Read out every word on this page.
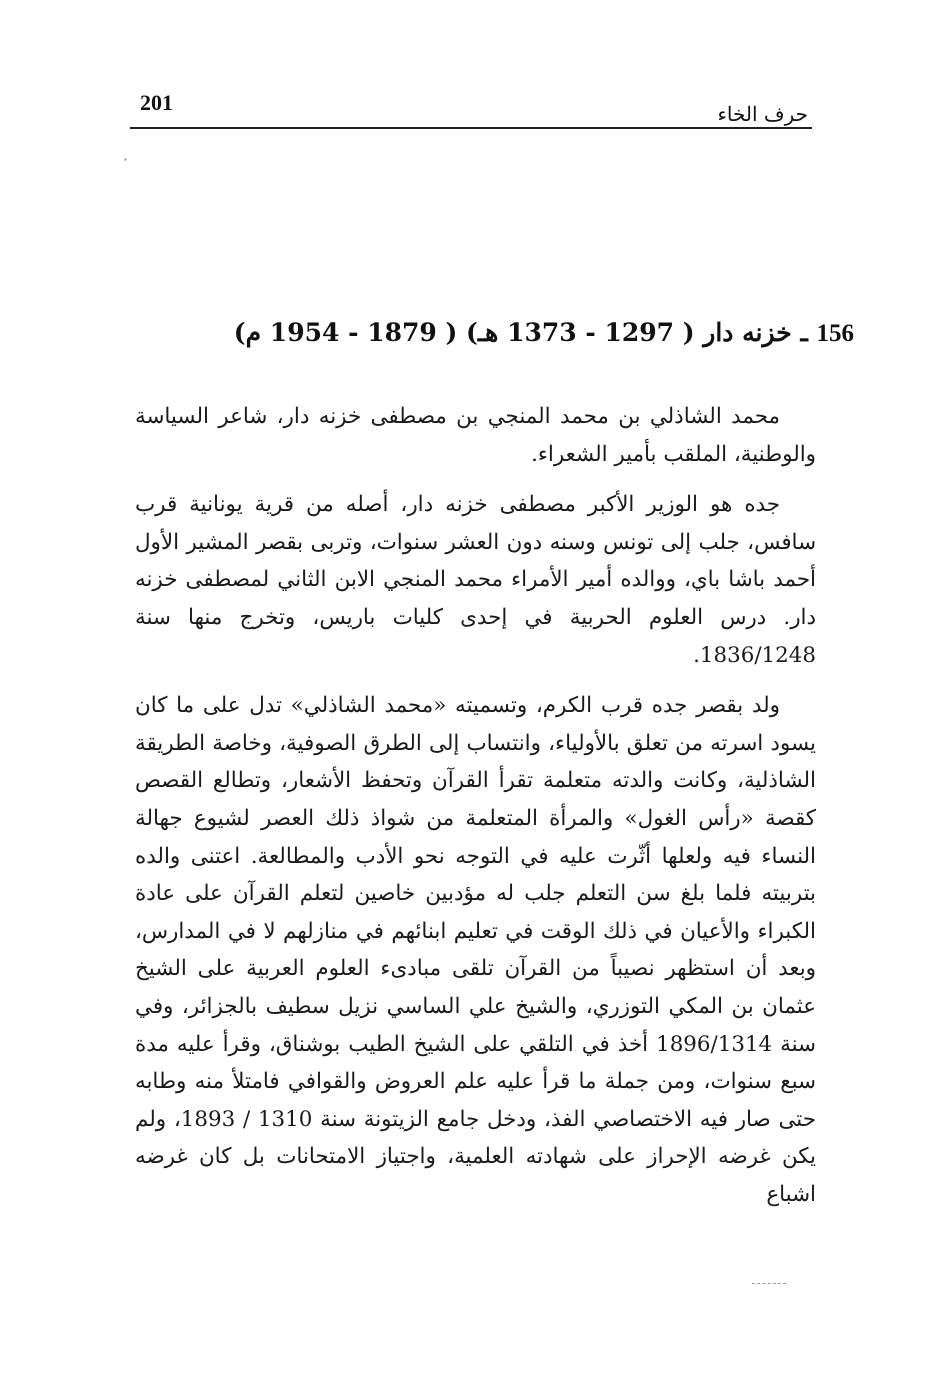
201	حرف الخاء
156 ـ خزنه دار ( 1297 - 1373 هـ) ( 1879 - 1954 م)

محمد الشاذلي بن محمد المنجي بن مصطفى خزنه دار، شاعر السياسة والوطنية، الملقب بأمير الشعراء.

جده هو الوزير الأكبر مصطفى خزنه دار، أصله من قرية يونانية قرب سافس، جلب إلى تونس وسنه دون العشر سنوات، وتربى بقصر المشير الأول أحمد باشا باي، ووالده أمير الأمراء محمد المنجي الابن الثاني لمصطفى خزنه دار. درس العلوم الحربية في إحدى كليات باريس، وتخرج منها سنة 1836/1248.

ولد بقصر جده قرب الكرم، وتسميته «محمد الشاذلي» تدل على ما كان يسود اسرته من تعلق بالأولياء، وانتساب إلى الطرق الصوفية، وخاصة الطريقة الشاذلية، وكانت والدته متعلمة تقرأ القرآن وتحفظ الأشعار، وتطالع القصص كقصة «رأس الغول» والمرأة المتعلمة من شواذ ذلك العصر لشيوع جهالة النساء فيه ولعلها أثّرت عليه في التوجه نحو الأدب والمطالعة. اعتنى والده بتربيته فلما بلغ سن التعلم جلب له مؤدبين خاصين لتعلم القرآن على عادة الكبراء والأعيان في ذلك الوقت في تعليم ابنائهم في منازلهم لا في المدارس، وبعد أن استظهر نصيباً من القرآن تلقى مبادىء العلوم العربية على الشيخ عثمان بن المكي التوزري، والشيخ علي الساسي نزيل سطيف بالجزائر، وفي سنة 1896/1314 أخذ في التلقي على الشيخ الطيب بوشناق، وقرأ عليه مدة سبع سنوات، ومن جملة ما قرأ عليه علم العروض والقوافي فامتلأ منه وطابه حتى صار فيه الاختصاصي الفذ، ودخل جامع الزيتونة سنة 1310 / 1893، ولم يكن غرضه الإحراز على شهادته العلمية، واجتياز الامتحانات بل كان غرضه اشباع
